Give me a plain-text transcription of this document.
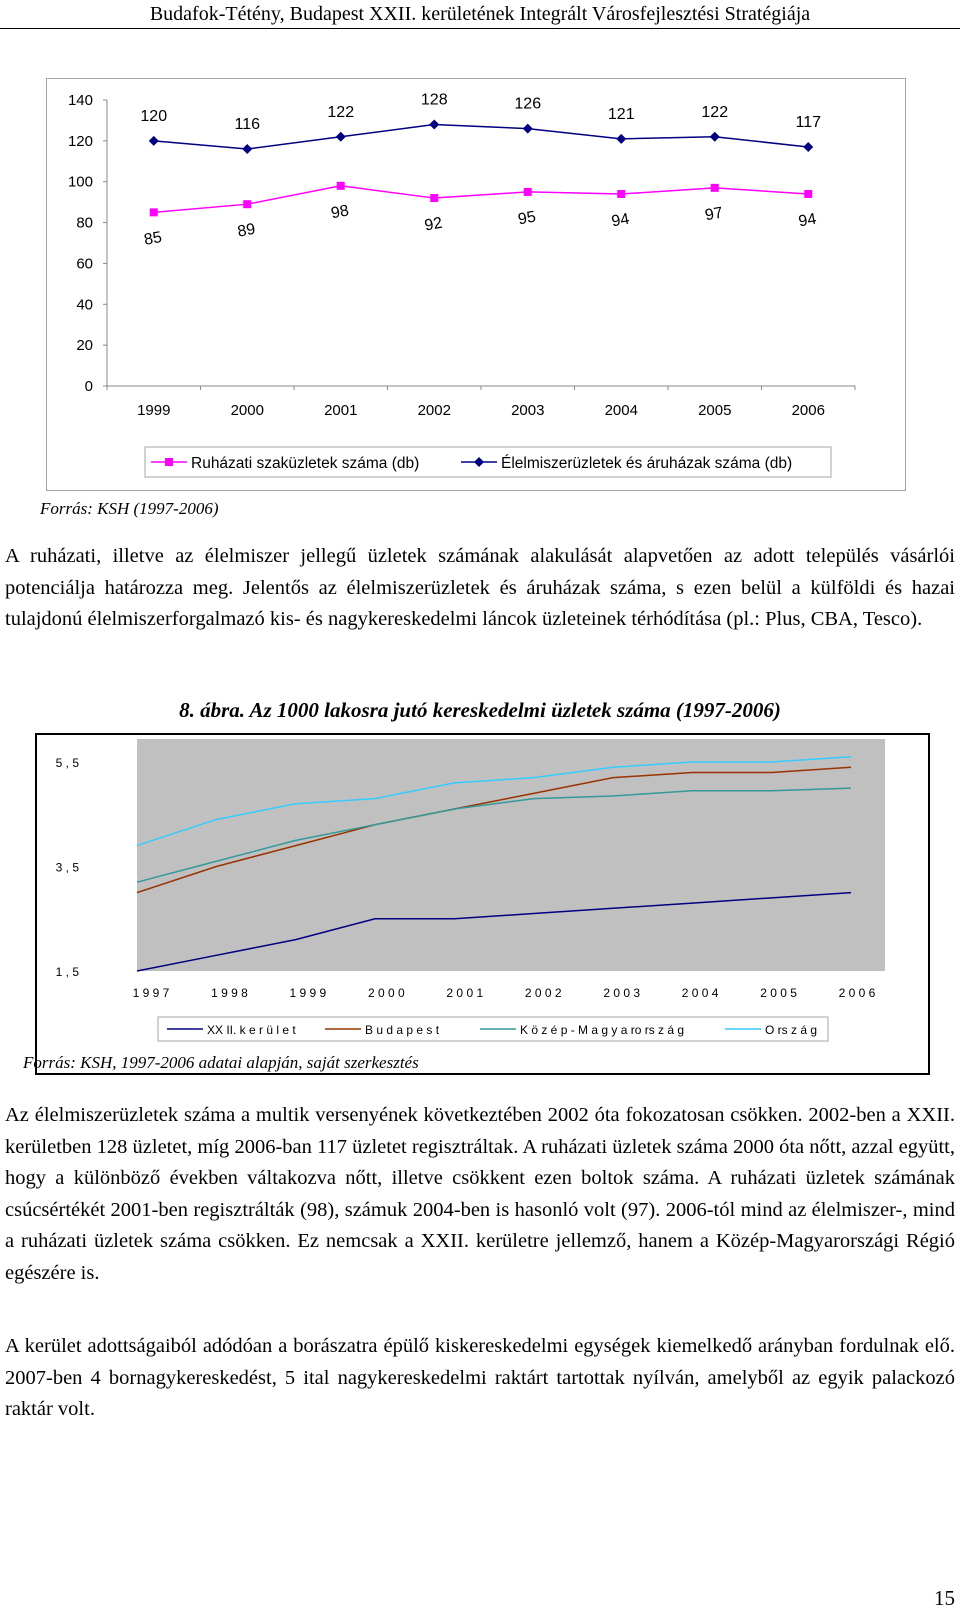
Budafok-Tétény, Budapest XXII. kerületének Integrált Városfejlesztési Stratégiája
0
20
40
60
80
100
120
140
1999	2000	2001	2002	2003	2004	2005	2006
85	89
98
92	95	94	97	94
120	116
122
128	126
121	122
117
Ruházati szaküzletek száma (db)	Élelmiszerüzletek és áruházak száma (db)
Forrás: KSH (1997-2006)

A ruházati, illetve az élelmiszer jellegű üzletek számának alakulását alapvetően az adott település vásárlói potenciálja határozza meg. Jelentős az élelmiszerüzletek és áruházak száma, s ezen belül a külföldi és hazai tulajdonú élelmiszerforgalmazó kis- és nagykereskedelmi láncok üzleteinek térhódítása (pl.: Plus, CBA, Tesco).

8. ábra. Az 1000 lakosra jutó kereskedelmi üzletek száma (1997-2006)
1 , 5
3 , 5
5 , 5
1 9 9 7	1 9 9 8	1 9 9 9	2 0 0 0	2 0 0 1	2 0 0 2	2 0 0 3	2 0 0 4	2 0 0 5	2 0 0 6
XX II. k e r ü l e t	B u d a p e s t	K ö z é p - M a g y a ro rs z á g	O rs z á g
Forrás: KSH, 1997-2006 adatai alapján, saját szerkesztés

Az élelmiszerüzletek száma a multik versenyének következtében 2002 óta fokozatosan csökken. 2002-ben a XXII. kerületben 128 üzletet, míg 2006-ban 117 üzletet regisztráltak. A ruházati üzletek száma 2000 óta nőtt, azzal együtt, hogy a különböző években váltakozva nőtt, illetve csökkent ezen boltok száma. A ruházati üzletek számának csúcsértékét 2001-ben regisztrálták (98), számuk 2004-ben is hasonló volt (97). 2006-tól mind az élelmiszer-, mind a ruházati üzletek száma csökken. Ez nemcsak a XXII. kerületre jellemző, hanem a Közép-Magyarországi Régió egészére is.

A kerület adottságaiból adódóan a borászatra épülő kiskereskedelmi egységek kiemelkedő arányban fordulnak elő. 2007-ben 4 bornagykereskedést, 5 ital nagykereskedelmi raktárt tartottak nyílván, amelyből az egyik palackozó raktár volt.

15
